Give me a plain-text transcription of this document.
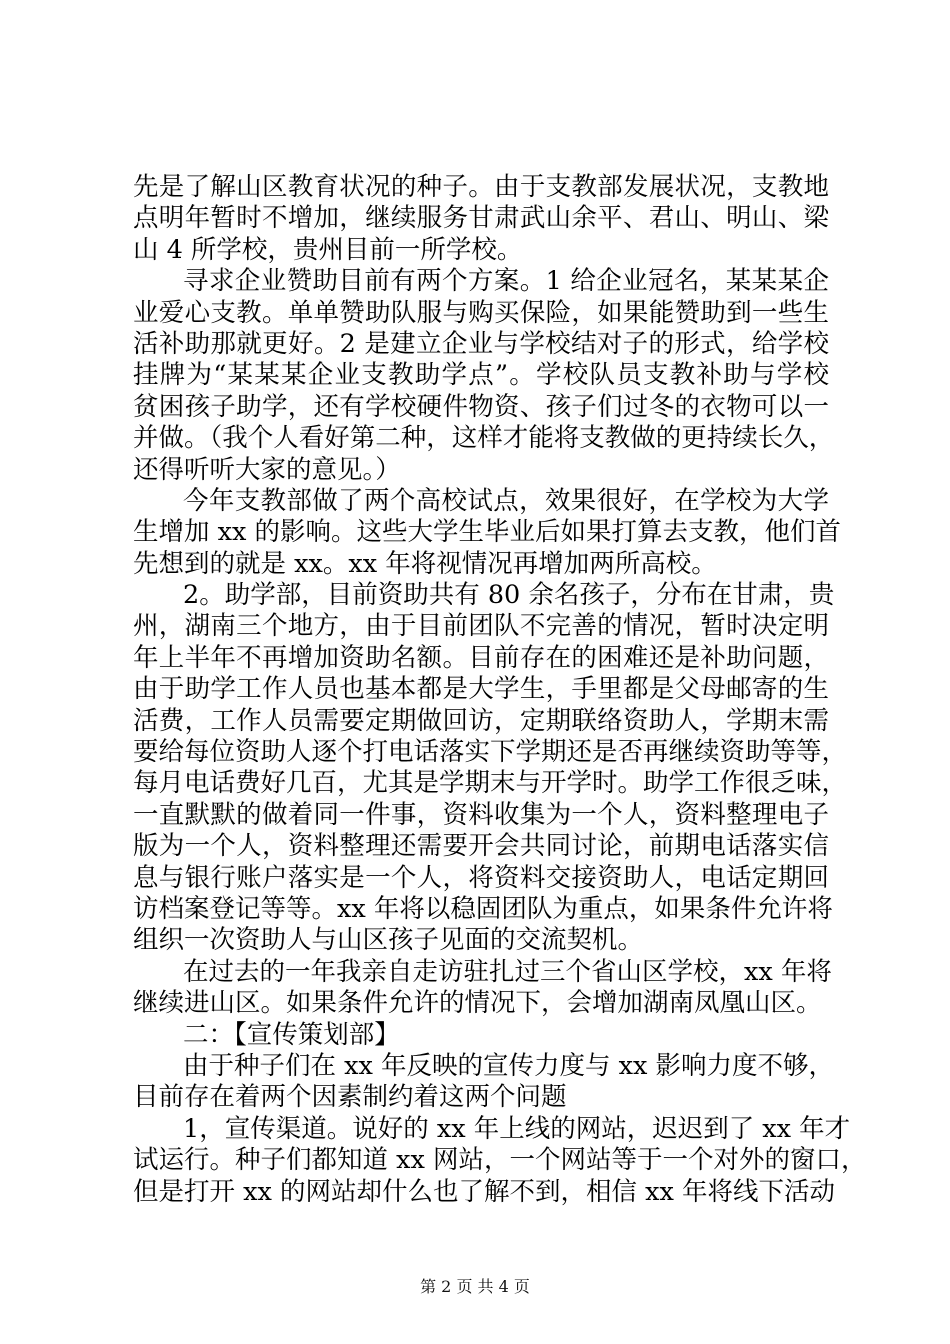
先是了解山区教育状况的种子。由于支教部发展状况，支教地
点明年暂时不增加，继续服务甘肃武山余平、君山、明山、梁
山 4 所学校，贵州目前一所学校。
寻求企业赞助目前有两个方案。1 给企业冠名，某某某企
业爱心支教。单单赞助队服与购买保险，如果能赞助到一些生
活补助那就更好。2 是建立企业与学校结对子的形式，给学校
挂牌为“某某某企业支教助学点”。学校队员支教补助与学校
贫困孩子助学，还有学校硬件物资、孩子们过冬的衣物可以一
并做。（我个人看好第二种，这样才能将支教做的更持续长久，
还得听听大家的意见。）
今年支教部做了两个高校试点，效果很好，在学校为大学
生增加 xx 的影响。这些大学生毕业后如果打算去支教，他们首
先想到的就是 xx。xx 年将视情况再增加两所高校。
2。助学部，目前资助共有 80 余名孩子，分布在甘肃，贵
州，湖南三个地方，由于目前团队不完善的情况，暂时决定明
年上半年不再增加资助名额。目前存在的困难还是补助问题，
由于助学工作人员也基本都是大学生，手里都是父母邮寄的生
活费，工作人员需要定期做回访，定期联络资助人，学期末需
要给每位资助人逐个打电话落实下学期还是否再继续资助等等，
每月电话费好几百，尤其是学期末与开学时。助学工作很乏味，
一直默默的做着同一件事，资料收集为一个人，资料整理电子
版为一个人，资料整理还需要开会共同讨论，前期电话落实信
息与银行账户落实是一个人，将资料交接资助人，电话定期回
访档案登记等等。xx 年将以稳固团队为重点，如果条件允许将
组织一次资助人与山区孩子见面的交流契机。
在过去的一年我亲自走访驻扎过三个省山区学校，xx 年将
继续进山区。如果条件允许的情况下，会增加湖南凤凰山区。
二：【宣传策划部】
由于种子们在 xx 年反映的宣传力度与 xx 影响力度不够，
目前存在着两个因素制约着这两个问题
1，宣传渠道。说好的 xx 年上线的网站，迟迟到了 xx 年才
试运行。种子们都知道 xx 网站，一个网站等于一个对外的窗口，
但是打开 xx 的网站却什么也了解不到，相信 xx 年将线下活动
第 2 页 共 4 页
